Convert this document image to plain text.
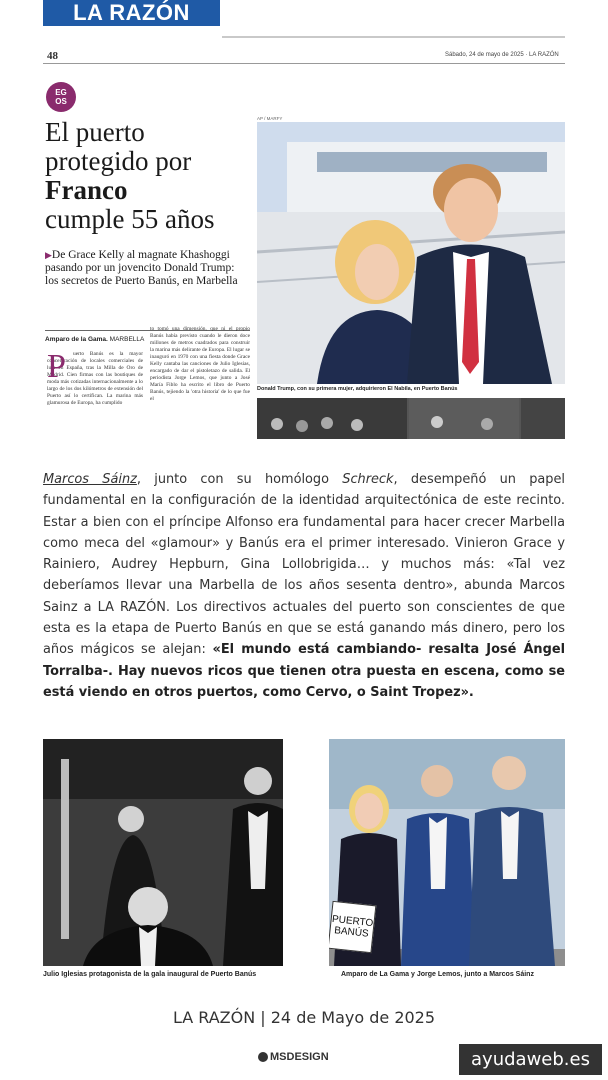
LA RAZÓN
48	Sábado, 24 de mayo de 2025 · LA RAZÓN
EG
OS
El puerto
protegido por
Franco
cumple 55 años
▶De Grace Kelly al magnate Khashoggi pasando por un jovencito Donald Trump: los secretos de Puerto Banús, en Marbella
Amparo de la Gama. MARBELLA
uerto Banús es la mayor concentración de locales comerciales de lujo en España, tras la Milla de Oro de Madrid. Cien firmas con las boutiques de moda más cotizadas internacionalmente a lo largo de los dos kilómetros de extensión del Puerto así lo certifican. La marina más glamurosa de Europa, ha cumplido
P
to tomó una dimensión, que ni el propio Banús había previsto cuando le dieron doce millones de metros cuadrados para construir la marina más delirante de Europa. El lugar se inauguró en 1970 con una fiesta donde Grace Kelly cantaba las canciones de Julio Iglesias, encargado de dar el pistoletazo de salida. El periodista Jorge Lemos, que junto a José María Fiblo ha escrito el libro de Puerto Banús, tejiendo la 'otra historia' de lo que fue el
AP / MARFY
Donald Trump, con su primera mujer, adquirieron El Nabila, en Puerto Banús
Marcos Sáinz, junto con su homólogo Schreck, desempeñó un papel fundamental en la configuración de la identidad arquitectónica de este recinto. Estar a bien con el príncipe Alfonso era fundamental para hacer crecer Marbella como meca del «glamour» y Banús era el primer interesado. Vinieron Grace y Rainiero, Audrey Hepburn, Gina Lollobrigida… y muchos más: «Tal vez deberíamos llevar una Marbella de los años sesenta dentro», abunda Marcos Sainz a LA RAZÓN. Los directivos actuales del puerto son conscientes de que esta es la etapa de Puerto Banús en que se está ganando más dinero, pero los años mágicos se alejan: «El mundo está cambiando- resalta José Ángel Torralba-. Hay nuevos ricos que tienen otra puesta en escena, como se está viendo en otros puertos, como Cervo, o Saint Tropez».
PUERTO
BANÚS
Julio Iglesias protagonista de la gala inaugural de Puerto Banús	Amparo de La Gama y Jorge Lemos, junto a Marcos Sáinz
LA RAZÓN | 24 de Mayo de 2025
MSDESIGN	ayudaweb.es
